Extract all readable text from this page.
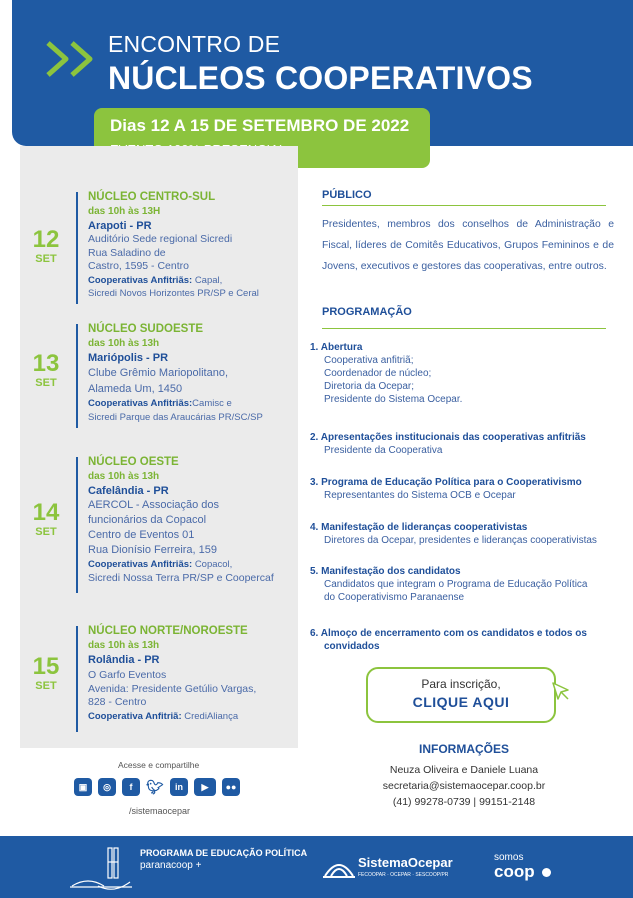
ENCONTRO DE
NÚCLEOS COOPERATIVOS
Dias 12 A 15 DE SETEMBRO DE 2022
12
SET
NÚCLEO CENTRO-SUL
das 10h às 13H
Arapoti - PR
Auditório Sede regional Sicredi
Rua Saladino de
Castro, 1595 - Centro
Cooperativas Anfitriãs: Capal,
Sicredi Novos Horizontes PR/SP e Ceral
13
SET
NÚCLEO SUDOESTE
das 10h às 13h
Mariópolis - PR
Clube Grêmio Mariopolitano,
Alameda Um, 1450
Cooperativas Anfitriãs:Camisc e
Sicredi Parque das Araucárias PR/SC/SP
14
SET
NÚCLEO OESTE
das 10h às 13h
Cafelândia - PR
AERCOL - Associação dos
funcionários da Copacol
Centro de Eventos 01
Rua Dionísio Ferreira, 159
Cooperativas Anfitriãs: Copacol,
Sicredi Nossa Terra PR/SP e Coopercaf
15
SET
NÚCLEO NORTE/NOROESTE
das 10h às 13h
Rolândia - PR
O Garfo Eventos
Avenida: Presidente Getúlio Vargas,
828 - Centro
Cooperativa Anfitriã: CrediAliança
Acesse e compartilhe
▣	◎	f 🐦︎	in	▶	●●
/sistemaocepar
PÚBLICO
Presidentes, membros dos conselhos de Administração e Fiscal, líderes de Comitês Educativos, Grupos Femininos e de Jovens, executivos e gestores das cooperativas, entre outros.
PROGRAMAÇÃO
1. Abertura
Cooperativa anfitriã;
Coordenador de núcleo;
Diretoria da Ocepar;
Presidente do Sistema Ocepar.
2. Apresentações institucionais das cooperativas anfitriãs
Presidente da Cooperativa
3. Programa de Educação Política para o Cooperativismo
Representantes do Sistema OCB e Ocepar
4. Manifestação de lideranças cooperativistas
Diretores da Ocepar, presidentes e lideranças cooperativistas
5. Manifestação dos candidatos
Candidatos que integram o Programa de Educação Política
do Cooperativismo Paranaense
6. Almoço de encerramento com os candidatos e todos os
convidados
Para inscrição,
CLIQUE AQUI
INFORMAÇÕES
Neuza Oliveira e Daniele Luana
secretaria@sistemaocepar.coop.br
(41) 99278-0739 | 99151-2148
PROGRAMA DE EDUCAÇÃO POLÍTICA
paranacoop +	SistemaOcepar
FECOOPAR · OCEPAR · SESCOOP/PR
somos
coop
